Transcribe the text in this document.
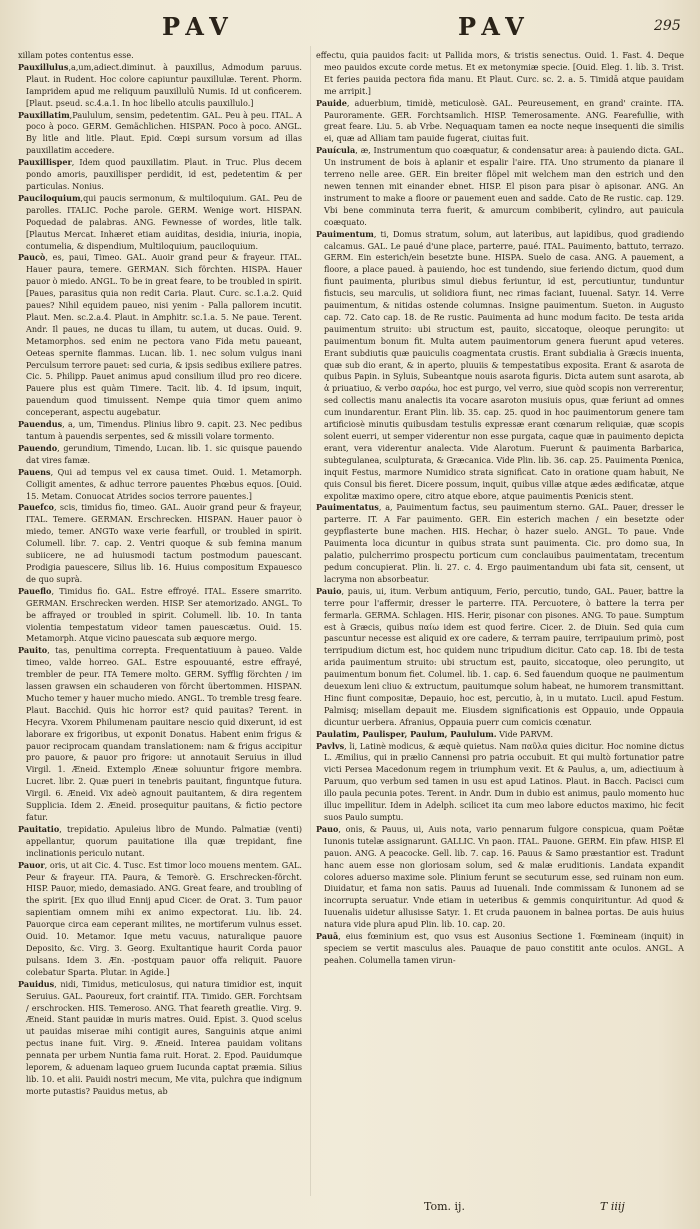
PAV	PAV	295
xillam potes contentus esse.
Pauxillulus,a,um,adiect.diminut. à pauxillus, Admodum paruus. Plaut. in Rudent. Hoc colore capiuntur pauxillulæ. Terent. Phorm. Iampridem apud me reliquum pauxillulū Numis. Id ut conficerem. [Plaut. pseud. sc.4.a.1. In hoc libello atculis pauxillulo.]
Pauxillatim,Paululum, sensim, pedetentim. GAL. Peu à peu. ITAL. A poco à poco. GERM. Gemächlichen. HISPAN. Poco à poco. ANGL. By litle and litle. Plaut. Epid. Cœpi sursum vorsum ad illas pauxillatim accedere.
Pauxillisper, Idem quod pauxillatim. Plaut. in Truc. Plus decem pondo amoris, pauxillisper perdidit, id est, pedetentim & per particulas. Nonius.
Pauciloquium,qui paucis sermonum, & multiloquium. GAL. Peu de parolles. ITALIC. Poche parole. GERM. Wenige wort. HISPAN. Poquedad de palabras. ANG. Fewnesse of wordes, litle talk. [Plautus Mercat. Inhæret etiam auiditas, desidia, iniuria, inopia, contumelia, & dispendium, Multiloquium, pauciloquium.
Paucò, es, paui, Timeo. GAL. Auoir grand peur & frayeur. ITAL. Hauer paura, temere. GERMAN. Sich förchten. HISPA. Hauer pauor ò miedo. ANGL. To be in great feare, to be troubled in spirit. [Paues, parasitus quia non redit Caria. Plaut. Curc. sc.1.a.2. Quid paues? Nihil equidem paueo, nisi yenim - Palla pallorem incutit. Plaut. Men. sc.2.a.4. Plaut. in Amphitr. sc.1.a. 5. Ne paue. Terent. Andr. Il paues, ne ducas tu illam, tu autem, ut ducas. Ouid. 9. Metamorphos. sed enim ne pectora vano Fida metu paueant, Oeteas spernite flammas. Lucan. lib. 1. nec solum vulgus inani Perculsum terrore pauet: sed curia, & ipsis sedibus exiliere patres. Cic. 5. Philipp. Pauet animus apud consilium illud pro reo dicere. Pauere plus est quàm Timere. Tacit. lib. 4. Id ipsum, inquit, pauendum quod timuissent. Nempe quia timor quem animo conceperant, aspectu augebatur.
Pauendus, a, um, Timendus. Plinius libro 9. capit. 23. Nec pedibus tantum à pauendis serpentes, sed & missili volare tormento.
Pauendo, gerundium, Timendo, Lucan. lib. 1. sic quisque pauendo dat vires famæ.
Pauens, Qui ad tempus vel ex causa timet. Ouid. 1. Metamorph. Colligit amentes, & adhuc terrore pauentes Phœbus equos. [Ouid. 15. Metam. Conuocat Atrides socios terrore pauentes.]
Pauefco, scis, timidus fio, timeo. GAL. Auoir grand peur & frayeur, ITAL. Temere. GERMAN. Erschrecken. HISPAN. Hauer pauor ò miedo, temer. ANGTo waxe verie fearfull, or troubled in spirit. Columell. libr. 7. cap. 2. Ventri quoque & sub femina manum subiicere, ne ad huiusmodi tactum postmodum pauescant. Prodigia pauescere, Silius lib. 16. Huius compositum Expauesco de quo suprà.
Paueflo, Timidus fio. GAL. Estre effroyé. ITAL. Essere smarrito. GERMAN. Erschrecken werden. HISP. Ser atemorizado. ANGL. To be affrayed or troubled in spirit. Columell. lib. 10. In tanta violentia tempestatum videor tamen pauescætus. Ouid. 15. Metamorph. Atque vicino pauescata sub æquore mergo.
Pauito, tas, penultima correpta. Frequentatiuum à paueo. Valde timeo, valde horreo. GAL. Estre espouuanté, estre effrayé, trembler de peur. ITA Temere molto. GERM. Syfflig förchten / im lassen grawsen ein schauderen von förcht übertommen. HISPAN. Mucho temer y hauer mucho miedo. ANGL. To tremble tresg feare. Plaut. Bacchid. Quis hic horror est? quid pauitas? Terent. in Hecyra. Vxorem Philumenam pauitare nescio quid dixerunt, id est laborare ex frigoribus, ut exponit Donatus. Habent enim frigus & pauor reciprocam quandam translationem: nam & frigus accipitur pro pauore, & pauor pro frigore: ut annotauit Seruius in illud Virgil. 1. Æneid. Extemplo Æneæ soluuntur frigore membra. Lucret. libr. 2. Quæ pueri in tenebris pauitant, finguntque futura. Virgil. 6. Æneid. Vix adeò agnouit pauitantem, & dira regentem Supplicia. Idem 2. Æneid. prosequitur pauitans, & fictio pectore fatur.
Pauitatio, trepidatio. Apuleius libro de Mundo. Palmatiæ (venti) appellantur, quorum pauitatione illa quæ trepidant, fine inclinationis periculo nutant.
Pauor, oris, ut ait Cic. 4. Tusc. Est timor loco mouens mentem. GAL. Peur & frayeur. ITA. Paura, & Temorè. G. Erschrecken-förcht. HISP. Pauor, miedo, demasiado. ANG. Great feare, and troubling of the spirit. [Ex quo illud Ennij apud Cicer. de Orat. 3. Tum pauor sapientiam omnem mihi ex animo expectorat. Liu. lib. 24. Pauorque circa eam ceperant milites, ne mortiferum vulnus esset. Ouid. 10. Metamor. Ique metu vacuus, naturalique pauore Deposito, &c. Virg. 3. Georg. Exultantique haurit Corda pauor pulsans. Idem 3. Æn. -postquam pauor offa reliquit. Pauore colebatur Sparta. Plutar. in Agide.]
Pauidus, nidi, Timidus, meticulosus, qui natura timidior est, inquit Seruius. GAL. Paoureux, fort craintif. ITA. Timido. GER. Forchtsam / erschrocken. HIS. Temeroso. ANG. That feareth greatlie. Virg. 9. Æneid. Stant pauidæ in muris matres. Ouid. Epist. 3. Quod scelus ut pauidas miserae mihi contigit aures, Sanguinis atque animi pectus inane fuit. Virg. 9. Æneid. Interea pauidam volitans pennata per urbem Nuntia fama ruit. Horat. 2. Epod. Pauidumque leporem, & aduenam laqueo gruem Iucunda captat præmia. Silius lib. 10. et alii. Pauidi nostri mecum, Me vita, pulchra que indignum morte putastis? Pauidus metus, ab
effectu, quia pauidos facit: ut Pallida mors, & tristis senectus. Ouid. 1. Fast. 4. Deque meo pauidos excute corde metus. Et ex metonymiæ specie. [Ouid. Eleg. 1. lib. 3. Trist. Et feries pauida pectora fida manu. Et Plaut. Curc. sc. 2. a. 5. Timidā atque pauidam me arripit.]
Pauide, aduerbium, timidè, meticulosè. GAL. Peureusement, en grand' crainte. ITA. Pauroramente. GER. Forchtsamlich. HISP. Temerosamente. ANG. Fearefullie, with great feare. Liu. 5. ab Vrbe. Nequaquam tamen ea nocte neque insequenti die similis ei, quæ ad Alliam tam pauide fugerat, ciuitas fuit.
Pauícula, æ, Instrumentum quo coæquatur, & condensatur area: à pauiendo dicta. GAL. Un instrument de bois à aplanir et espalir l'aire. ITA. Uno strumento da pianare il terreno nelle aree. GER. Ein breiter flöpel mit welchem man den estrich und den newen tennen mit einander ebnet. HISP. El pison para pisar ò apisonar. ANG. An instrument to make a floore or pauement euen and sadde. Cato de Re rustic. cap. 129. Vbi bene comminuta terra fuerit, & amurcum combiberit, cylindro, aut pauicula coæquato.
Pauimentum, ti, Domus stratum, solum, aut lateribus, aut lapidibus, quod gradiendo calcamus. GAL. Le paué d'une place, parterre, paué. ITAL. Pauimento, battuto, terrazo. GERM. Ein esterich/ein besetzte bune. HISPA. Suelo de casa. ANG. A pauement, a floore, a place paued. à pauiendo, hoc est tundendo, siue feriendo dictum, quod dum fiunt pauimenta, pluribus simul diebus feriuntur, id est, percutiuntur, tunduntur fistucis, seu marculis, ut solidiora fiunt, nec rimas faciant, Iuuenal. Satyr. 14. Verre pauimentum, & nitidas ostende columnas. Insigne pauimentum. Sueton. in Augusto cap. 72. Cato cap. 18. de Re rustic. Pauimenta ad hunc modum facito. De testa arida pauimentum struito: ubi structum est, pauito, siccatoque, oleoque perungito: ut pauimentum bonum fit. Multa autem pauimentorum genera fuerunt apud veteres. Erant subdiutis quæ pauiculis coagmentata crustis. Erant subdialia à Græcis inuenta, quæ sub dio erant, & in aperto, pluuiis & tempestatibus exposita. Erant & asarota de quibus Papin. in Syluis, Subeantque nouis asarota figuris. Dicta autem sunt asarota, ab ἀ priuatiuo, & verbo σαρόω, hoc est purgo, vel verro, siue quòd scopis non verrerentur, sed collectis manu analectis ita vocare asaroton musiuis opus, quæ feriunt ad omnes cum inundarentur. Erant Plin. lib. 35. cap. 25. quod in hoc pauimentorum genere tam artificiosè minutis quibusdam testulis expressæ erant cœnarum reliquiæ, quæ scopis solent euerri, ut semper viderentur non esse purgata, caque quæ in pauimento depicta erant, vera viderentur analecta. Vide Alarotum. Fuerunt & pauimenta Barbarica, subtegulanea, sculpturata, & Græcanica. Vide Plin. lib. 36. cap. 25. Pauimenta Pœnica, inquit Festus, marmore Numidico strata significat. Cato in oratione quam habuit, Ne quis Consul bis fieret. Dicere possum, inquit, quibus villæ atque ædes ædificatæ, atque expolitæ maximo opere, citro atque ebore, atque pauimentis Pœnicis stent.
Pauimentatus, a, Pauimentum factus, seu pauimentum sterno. GAL. Pauer, dresser le parterre. IT. A Far pauimento. GER. Ein esterich machen / ein besetzte oder geypflasterte bune machen. HIS. Hechar, ò hazer suelo. ANGL. To paue. Vnde Pauimenta loca dicuntur in quibus strata sunt pauimenta. Cic. pro domo sua, In palatio, pulcherrimo prospectu porticum cum conclauibus pauimentatam, trecentum pedum concupierat. Plin. li. 27. c. 4. Ergo pauimentandum ubi fata sit, censent, ut lacryma non absorbeatur.
Pauio, pauis, ui, itum. Verbum antiquum, Ferio, percutio, tundo, GAL. Pauer, battre la terre pour l'affermir, dresser le parterre. ITA. Percuotere, ò battere la terra per fermarla. GERMA. Schlagen. HIS. Herir, pisonar con pisones. ANG. To paue. Sumptum est à Græcis, quibus παίω idem est quod ferire. Cicer. 2. de Diuin. Sed quia cum pascuntur necesse est aliquid ex ore cadere, & terram pauire, terripauium primò, post terripudium dictum est, hoc quidem nunc tripudium dicitur. Cato cap. 18. Ibi de testa arida pauimentum struito: ubi structum est, pauito, siccatoque, oleo perungito, ut pauimentum bonum fiet. Columel. lib. 1. cap. 6. Sed fauendum quoque ne pauimentum deuexum leni cliuo & extructum, pauitumque solum habeat, ne humorem transmittant. Hinc fiunt compositæ, Depauio, hoc est, percutio, à, in u mutato. Lucil. apud Festum. Palmisq; misellam depauit me. Eiusdem significationis est Oppauio, unde Oppauia dicuntur uerbera. Afranius, Oppauia puerr cum comicis cœnatur.
Paulatim, Paulisper, Paulum, Paululum. Vide PARVM.
Pavlvs, li, Latinè modicus, & æquè quietus. Nam παῦλα quies dicitur. Hoc nomine dictus L. Æmilius, qui in prælio Cannensi pro patria occubuit. Et qui multò fortunatior patre victi Persea Macedonum regem in triumphum vexit. Et & Paulus, a, um, adiectiuum à Paruum, quo verbum sed tamen in usu est apud Latinos. Plaut. in Bacch. Pacisci cum illo paula pecunia potes. Terent. in Andr. Dum in dubio est animus, paulo momento huc illuc impellitur. Idem in Adelph. scilicet ita cum meo labore eductos maximo, hic fecit suos Paulo sumptu.
Pauo, onis, & Pauus, ui, Auis nota, vario pennarum fulgore conspicua, quam Poëtæ Iunonis tutelæ assignarunt. GALLIC. Vn paon. ITAL. Pauone. GERM. Ein pfaw. HISP. El pauon. ANG. A peacocke. Gell. lib. 7. cap. 16. Pauus & Samo præstantior est. Tradunt hanc auem esse non gloriosam solum, sed & malæ eruditionis. Landata expandit colores aduerso maxime sole. Plinium ferunt se secuturum esse, sed ruinam non eum. Diuidatur, et fama non satis. Pauus ad Iuuenali. Inde commissam & Iunonem ad se incorrupta seruatur. Vnde etiam in ueteribus & gemmis conquirituntur. Ad quod & Iuuenalis uidetur allusisse Satyr. 1. Et cruda pauonem in balnea portas. De auis huius natura vide plura apud Plin. lib. 10. cap. 20.
Pauā, eius fœminium est, quo vsus est Ausonius Sectione 1. Fœmineam (inquit) in speciem se vertit masculus ales. Pauaque de pauo constitit ante oculos. ANGL. A peahen. Columella tamen virun-
Tom. ij.	T iiij
